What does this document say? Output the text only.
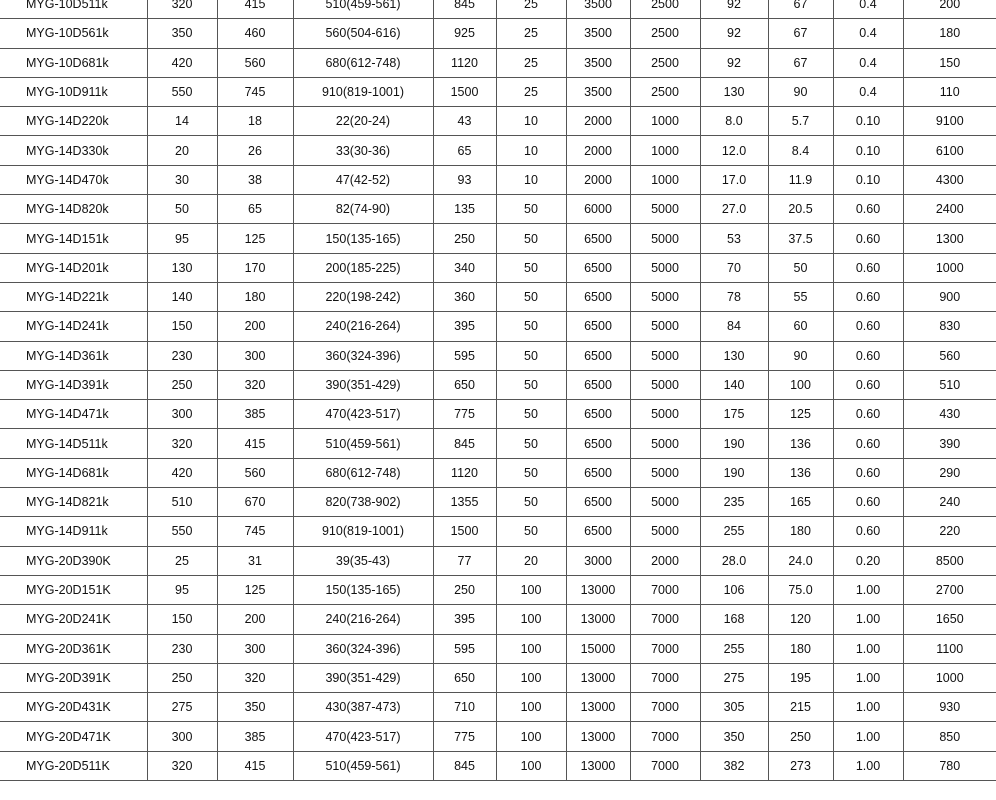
MYG-10D511k	320	415	510(459-561)	845	25	3500	2500	92	67	0.4	200
MYG-10D561k	350	460	560(504-616)	925	25	3500	2500	92	67	0.4	180
MYG-10D681k	420	560	680(612-748)	1120	25	3500	2500	92	67	0.4	150
MYG-10D911k	550	745	910(819-1001)	1500	25	3500	2500	130	90	0.4	110
MYG-14D220k	14	18	22(20-24)	43	10	2000	1000	8.0	5.7	0.10	9100
MYG-14D330k	20	26	33(30-36)	65	10	2000	1000	12.0	8.4	0.10	6100
MYG-14D470k	30	38	47(42-52)	93	10	2000	1000	17.0	11.9	0.10	4300
MYG-14D820k	50	65	82(74-90)	135	50	6000	5000	27.0	20.5	0.60	2400
MYG-14D151k	95	125	150(135-165)	250	50	6500	5000	53	37.5	0.60	1300
MYG-14D201k	130	170	200(185-225)	340	50	6500	5000	70	50	0.60	1000
MYG-14D221k	140	180	220(198-242)	360	50	6500	5000	78	55	0.60	900
MYG-14D241k	150	200	240(216-264)	395	50	6500	5000	84	60	0.60	830
MYG-14D361k	230	300	360(324-396)	595	50	6500	5000	130	90	0.60	560
MYG-14D391k	250	320	390(351-429)	650	50	6500	5000	140	100	0.60	510
MYG-14D471k	300	385	470(423-517)	775	50	6500	5000	175	125	0.60	430
MYG-14D511k	320	415	510(459-561)	845	50	6500	5000	190	136	0.60	390
MYG-14D681k	420	560	680(612-748)	1120	50	6500	5000	190	136	0.60	290
MYG-14D821k	510	670	820(738-902)	1355	50	6500	5000	235	165	0.60	240
MYG-14D911k	550	745	910(819-1001)	1500	50	6500	5000	255	180	0.60	220
MYG-20D390K	25	31	39(35-43)	77	20	3000	2000	28.0	24.0	0.20	8500
MYG-20D151K	95	125	150(135-165)	250	100	13000	7000	106	75.0	1.00	2700
MYG-20D241K	150	200	240(216-264)	395	100	13000	7000	168	120	1.00	1650
MYG-20D361K	230	300	360(324-396)	595	100	15000	7000	255	180	1.00	1100
MYG-20D391K	250	320	390(351-429)	650	100	13000	7000	275	195	1.00	1000
MYG-20D431K	275	350	430(387-473)	710	100	13000	7000	305	215	1.00	930
MYG-20D471K	300	385	470(423-517)	775	100	13000	7000	350	250	1.00	850
MYG-20D511K	320	415	510(459-561)	845	100	13000	7000	382	273	1.00	780
